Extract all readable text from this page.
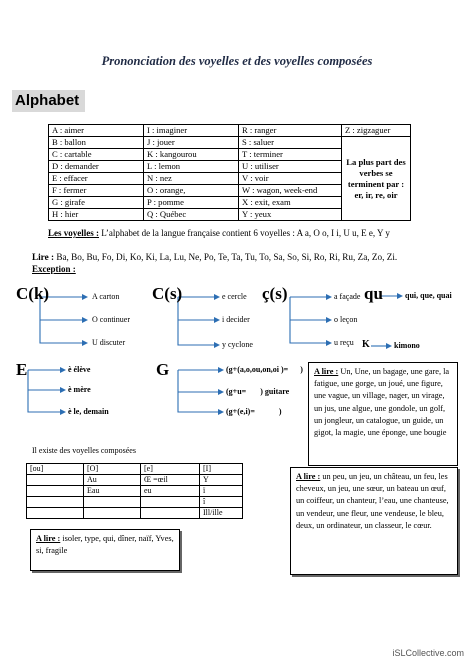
Prononciation des voyelles et des voyelles composées
Alphabet
A : aimer	I : imaginer	R : ranger	Z : zigzaguer
B : ballon	J : jouer	S : saluer	La plus part des verbes se terminent par : er, ir, re, oir
C : cartable	K : kangourou	T : terminer	
D : demander	L : lemon	U : utiliser	
E : effacer	N : nez	V : voir	
F : fermer	O : orange,	W : wagon, week-end	
G : girafe	P : pomme	X : exit, exam	
H : hier	Q : Québec	Y : yeux	
Les voyelles : L’alphabet de la langue française contient 6 voyelles : A a, O o, I i, U u, E e, Y y
Lire : Ba, Bo, Bu, Fo, Di, Ko, Ki, La, Lu, Ne, Po, Te, Ta, Tu, To, Sa, So, Si, Ro, Ri, Ru, Za, Zo, Zi.
Exception :
C(k)	A carton
O continuer
U discuter
C(s)	e cercle
i decider
y cyclone
ç(s)	a façade
o leçon
u reçu
qu	qui, que, quai
K	kimono
E	è élève
è mère
è le, demain
G	(g+(a,o,ou,on,oi )= )
(g+u= ) guitare
(g+(e,i)=	)
A lire : Un, Une, un bagage, une gare, la fatigue, une gorge, un joué, une figure, une vague, un village, nager, un virage, un jus, une algue, une gondole, un golf, un jongleur, un catalogue, un guide, un gigot, la magie, une éponge, une bougie
Il existe des voyelles composées
[ou]	[O]	[e]	[I]
	Au	Œ =œil	Y
	Eau	eu	ï
			î
			Ill/ille
A lire : isoler, type, qui, dîner, naïf, Yves, si, fragile
A lire : un peu, un jeu, un château, un feu, les cheveux, un jeu, une sœur, un bateau un œuf, un coiffeur, un chanteur, l’eau, une chanteuse, un vendeur, une fleur, une vendeuse, le bleu, deux, un ordinateur, un classeur, le cœur.
iSLCollective.com
